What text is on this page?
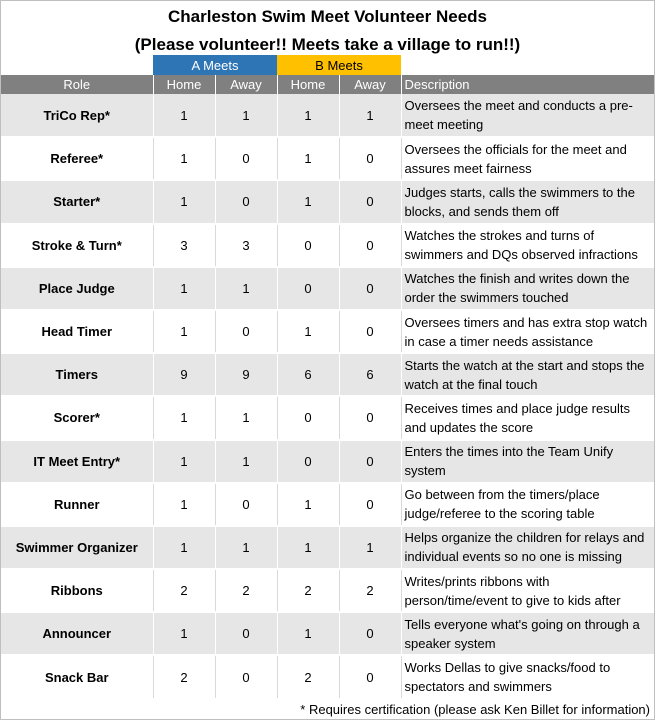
Charleston Swim Meet Volunteer Needs

(Please volunteer!! Meets take a village to run!!)

	A Meets		B Meets		
Role	Home	Away	Home	Away	Description
TriCo Rep*	1	1	1	1	Oversees the meet and conducts a pre-meet meeting
Referee*	1	0	1	0	Oversees the officials for the meet and assures meet fairness
Starter*	1	0	1	0	Judges starts, calls the swimmers to the blocks, and sends them off
Stroke & Turn*	3	3	0	0	Watches the strokes and turns of swimmers and DQs observed infractions
Place Judge	1	1	0	0	Watches the finish and writes down the order the swimmers touched
Head Timer	1	0	1	0	Oversees timers and has extra stop watch in case a timer needs assistance
Timers	9	9	6	6	Starts the watch at the start and stops the watch at the final touch
Scorer*	1	1	0	0	Receives times and place judge results and updates the score
IT Meet Entry*	1	1	0	0	Enters the times into the Team Unify system
Runner	1	0	1	0	Go between from the timers/place judge/referee to the scoring table
Swimmer Organizer	1	1	1	1	Helps organize the children for relays and individual events so no one is missing
Ribbons	2	2	2	2	Writes/prints ribbons with person/time/event to give to kids after
Announcer	1	0	1	0	Tells everyone what's going on through a speaker system
Snack Bar	2	0	2	0	Works Dellas to give snacks/food to spectators and swimmers
* Requires certification (please ask Ken Billet for information)
